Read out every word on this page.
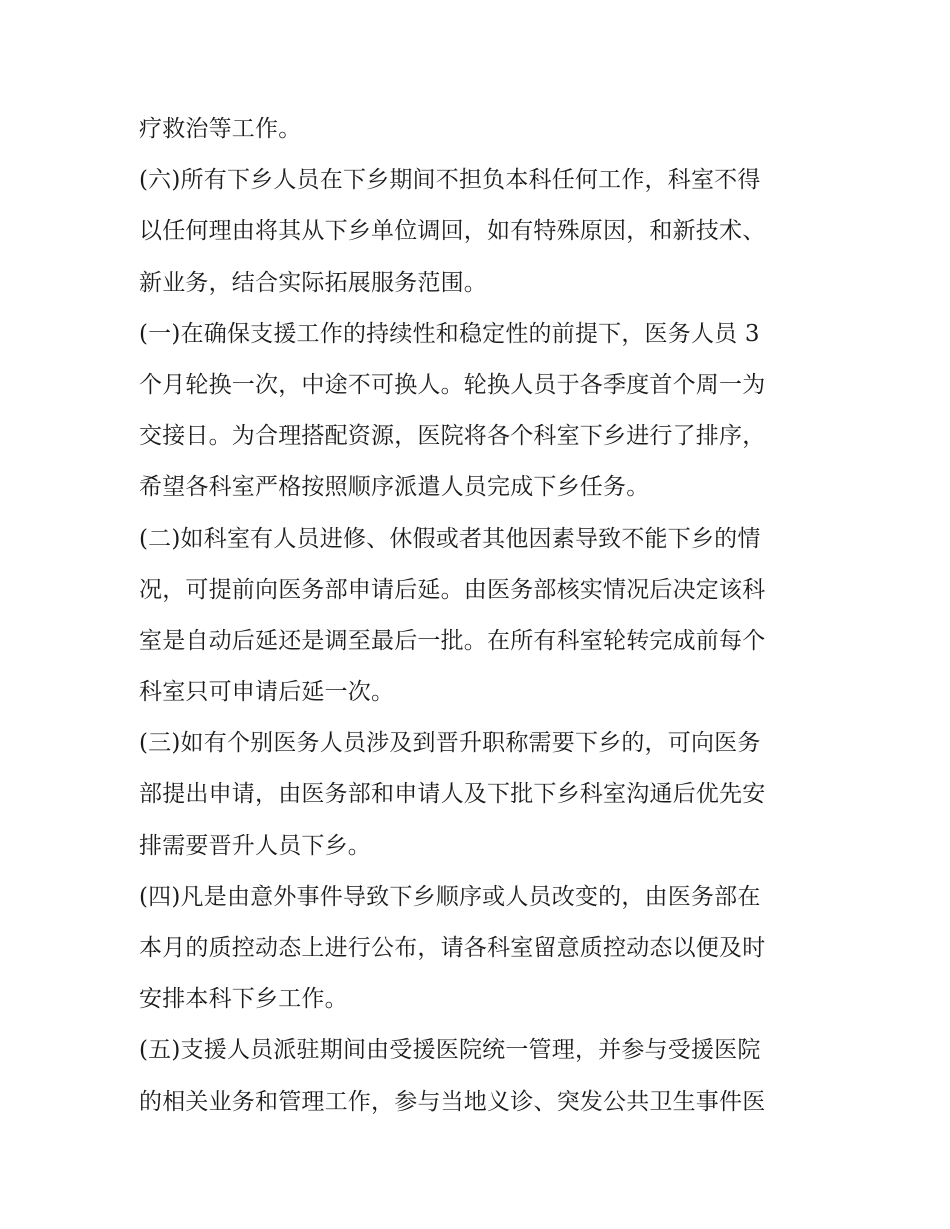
疗救治等工作。
(六)所有下乡人员在下乡期间不担负本科任何工作，科室不得
以任何理由将其从下乡单位调回，如有特殊原因，和新技术、
新业务，结合实际拓展服务范围。
(一)在确保支援工作的持续性和稳定性的前提下，医务人员 3
个月轮换一次，中途不可换人。轮换人员于各季度首个周一为
交接日。为合理搭配资源，医院将各个科室下乡进行了排序，
希望各科室严格按照顺序派遣人员完成下乡任务。
(二)如科室有人员进修、休假或者其他因素导致不能下乡的情
况，可提前向医务部申请后延。由医务部核实情况后决定该科
室是自动后延还是调至最后一批。在所有科室轮转完成前每个
科室只可申请后延一次。
(三)如有个别医务人员涉及到晋升职称需要下乡的，可向医务
部提出申请，由医务部和申请人及下批下乡科室沟通后优先安
排需要晋升人员下乡。
(四)凡是由意外事件导致下乡顺序或人员改变的，由医务部在
本月的质控动态上进行公布，请各科室留意质控动态以便及时
安排本科下乡工作。
(五)支援人员派驻期间由受援医院统一管理，并参与受援医院
的相关业务和管理工作，参与当地义诊、突发公共卫生事件医
